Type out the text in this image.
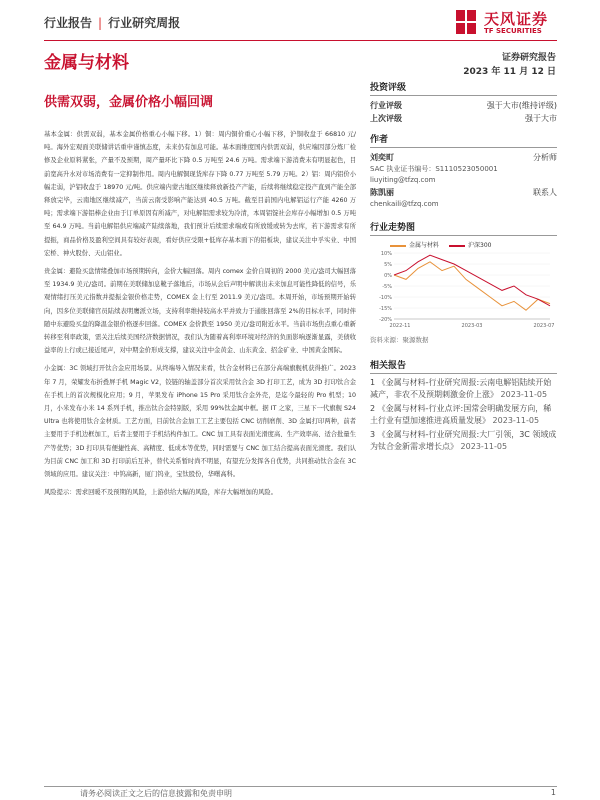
行业报告 | 行业研究周报	天风证券
TF SECURITIES
金属与材料
供需双弱，金属价格小幅回调
证券研究报告
2023 年 11 月 12 日
投资评级
行业评级	强于大市(维持评级)
上次评级	强于大市
作者
刘奕町	分析师
SAC 执业证书编号：S1110523050001
liuyiting@tfzq.com
陈凯丽	联系人
chenkaili@tfzq.com
行业走势图
金属与材料	沪深300
10%
5%
0%
-5%
-10%
-15%
-20%
2022-11	2023-03	2023-07
资料来源：聚源数据
相关报告
1 《金属与材料-行业研究周报:云南电解铝陆续开始减产，非农不及预期刺激金价上涨》 2023-11-05
2 《金属与材料-行业点评:国常会明确发展方向，稀土行业有望加速推进高质量发展》 2023-11-05
3 《金属与材料-行业研究周报:大厂引领，3C 领域成为钛合金新需求增长点》 2023-11-05

基本金属：供需双弱，基本金属价格重心小幅下移。1）铜：周内铜价重心小幅下移，沪铜收盘于 66810 元/吨。海外宏观面美联储讲话重申谨慎态度，未来仍有加息可能。基本面维度国内供需双弱，供应端因部分炼厂检修及企业原料紧张，产量不及预期，周产量环比下降 0.5 万吨至 24.6 万吨。需求端下游消费未有明显起色，目前宽高升水对市场消费有一定抑制作用。周内电解铜现货库存下降 0.77 万吨至 5.79 万吨。2）铝：周内铝价小幅走弱，沪铝收盘于 18970 元/吨。供应端内蒙古地区继续释放新投产产能，后续将继续稳定投产直到产能全部释放完毕，云南地区继续减产，当前云南受影响产能达到 40.5 万吨。截至目前国内电解铝运行产能 4260 万吨；需求端下游铝棒企业由于订单原因有所减产，对电解铝需求较为冷清，本周铝锭社会库存小幅增加 0.5 万吨至 64.9 万吨。当前电解铝供应端减产陆续落地，我们预计后续需求端或有所放缓或转为去库，若下游需求有所提振，商品价格及盈利空间具有较好表现，看好供应受限+低库存基本面下的铝板块，建议关注中孚实业、中国宏桥、神火股份、天山铝业。

贵金属：避险买盘情绪叠加市场预期转向，金价大幅回落。周内 comex 金价自周初的 2000 美元/盎司大幅回落至 1934.9 美元/盎司。前期在美联储加息靴子落地后，市场从会后声明中解读出未来加息可能性降低的信号，乐观情绪打压美元指数并提振金银价格走势，COMEX 金上行至 2011.9 美元/盎司。本周开始，市场预期开始转向，因多位美联储官员陆续表明鹰派立场，支持利率维持较高水平并致力于通胀回落至 2%的目标水平，同时伴随中东避险买盘的降温金银价格逐步回落。COMEX 金价跌至 1950 美元/盎司附近水平。当前市场焦点重心重新转移至利率政策，需关注后续美国经济数据情况，我们认为随着高利率环境对经济的负面影响逐渐显露，美债收益率的上行或已接近尾声，对中期金价形成支撑，建议关注中金黄金、山东黄金、招金矿业、中国黄金国际。

小金属：3C 领域打开钛合金应用场景。从终端导入情况来看，钛合金材料已在部分高端旗舰机获得推广。2023 年 7 月，荣耀发布折叠屏手机 Magic V2，铰链的轴盖部分首次采用钛合金 3D 打印工艺，成为 3D 打印钛合金在手机上的首次规模化应用；9 月，苹果发布 iPhone 15 Pro 采用钛合金外壳，是迄今最轻的 Pro 机型；10 月，小米发布小米 14 系列手机，推出钛合金特别版，采用 99%钛金属中框。据 IT 之家，三星下一代旗舰 S24 Ultra 也将使用钛合金材质。工艺方面，目前钛合金加工工艺主要包括 CNC 切削磨削、3D 金属打印两种，前者主要用于手机边框加工，后者主要用于手机结构件加工。CNC 加工具有表面光滑度高、生产效率高、适合批量生产等优势；3D 打印具有便捷性高、高精度、低成本等优势，同时需要与 CNC 加工结合提高表面光滑度。我们认为目前 CNC 加工和 3D 打印前后互补，替代关系暂时尚不明显，有望充分发挥各自优势，共同推动钛合金在 3C 领域的应用。建议关注：中钨高新，厦门钨业，宝钛股份，华曙高科。

风险提示：需求回暖不及预期的风险，上游供给大幅的风险，库存大幅增加的风险。

请务必阅读正文之后的信息披露和免责申明	1
